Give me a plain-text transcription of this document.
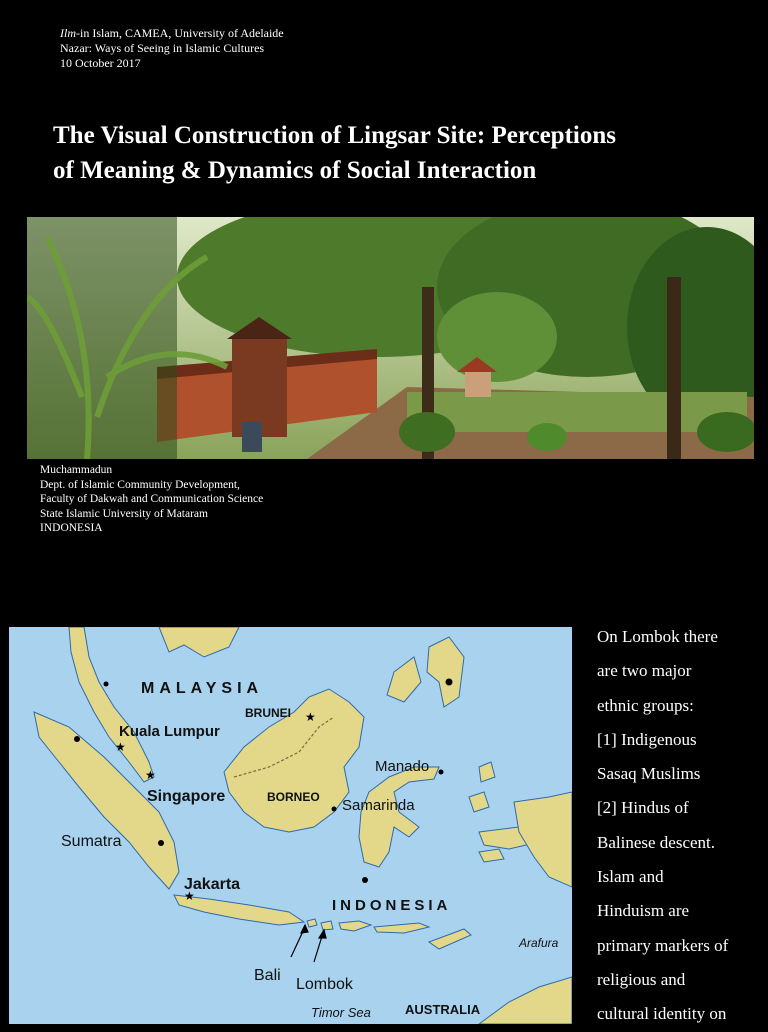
Ilm-in Islam, CAMEA, University of Adelaide
Nazar: Ways of Seeing in Islamic Cultures
10 October 2017
The Visual Construction of Lingsar Site: Perceptions
of Meaning & Dynamics of Social Interaction
Muchammadun
Dept. of Islamic Community Development,
Faculty of Dakwah and Communication Science
State Islamic University of Mataram
INDONESIA
★
★
★
★
MALAYSIA
BRUNEI
Kuala Lumpur
Singapore	BORNEO Samarinda
Manado
Sumatra
Jakarta
INDONESIA
Arafura
Bali
Lombok
Timor Sea	AUSTRALIA
On Lombok there
are two major
ethnic groups:
[1] Indigenous
Sasaq Muslims
[2] Hindus of
Balinese descent.
Islam and
Hinduism are
primary markers of
religious and
cultural identity on
